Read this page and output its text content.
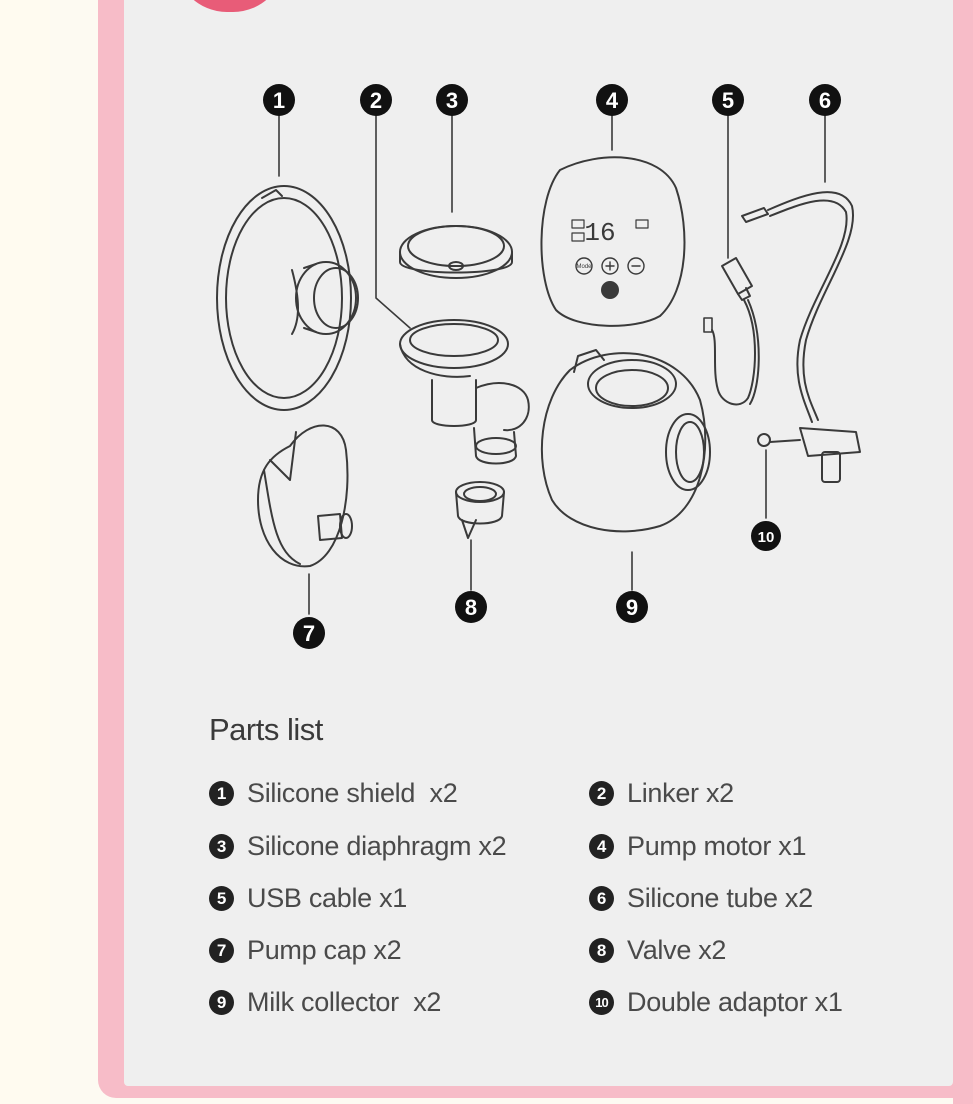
16
Mode
1	2	3	4	5	6
7
8	9
10
Parts list
1 Silicone shield  x2	2 Linker x2
3 Silicone diaphragm x2	4 Pump motor x1
5 USB cable x1	6 Silicone tube x2
7 Pump cap x2	8 Valve x2
9 Milk collector  x2	10 Double adaptor x1
